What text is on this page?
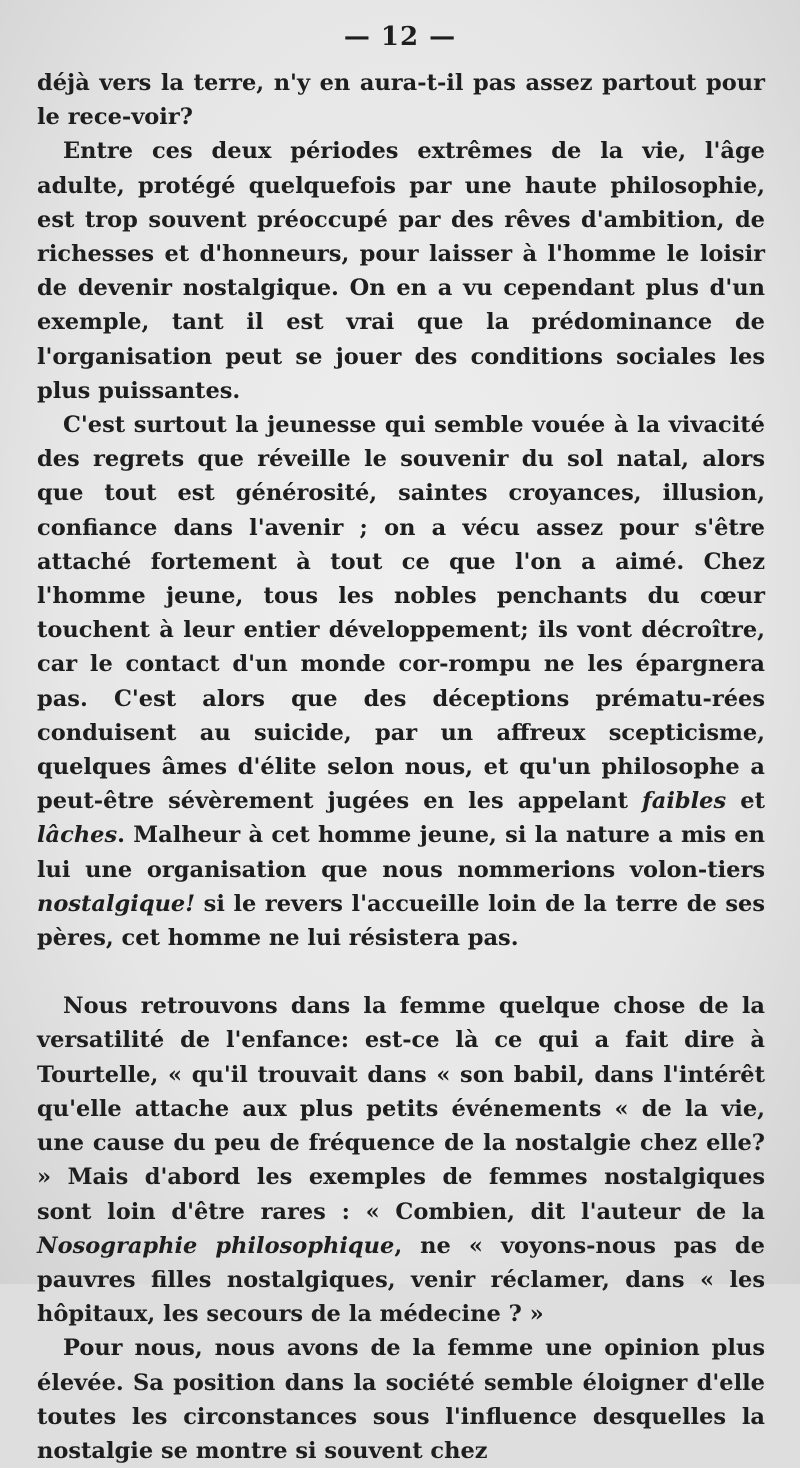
— 12 —

déjà vers la terre, n'y en aura-t-il pas assez partout pour le rece-voir?

Entre ces deux périodes extrêmes de la vie, l'âge adulte, protégé quelquefois par une haute philosophie, est trop souvent préoccupé par des rêves d'ambition, de richesses et d'honneurs, pour laisser à l'homme le loisir de devenir nostalgique. On en a vu cependant plus d'un exemple, tant il est vrai que la prédominance de l'organisation peut se jouer des conditions sociales les plus puissantes.

C'est surtout la jeunesse qui semble vouée à la vivacité des regrets que réveille le souvenir du sol natal, alors que tout est générosité, saintes croyances, illusion, confiance dans l'avenir ; on a vécu assez pour s'être attaché fortement à tout ce que l'on a aimé. Chez l'homme jeune, tous les nobles penchants du cœur touchent à leur entier développement; ils vont décroître, car le contact d'un monde cor-rompu ne les épargnera pas. C'est alors que des déceptions prématu-rées conduisent au suicide, par un affreux scepticisme, quelques âmes d'élite selon nous, et qu'un philosophe a peut-être sévèrement jugées en les appelant faibles et lâches. Malheur à cet homme jeune, si la nature a mis en lui une organisation que nous nommerions volon-tiers nostalgique! si le revers l'accueille loin de la terre de ses pères, cet homme ne lui résistera pas.

Nous retrouvons dans la femme quelque chose de la versatilité de l'enfance: est-ce là ce qui a fait dire à Tourtelle, « qu'il trouvait dans « son babil, dans l'intérêt qu'elle attache aux plus petits événements « de la vie, une cause du peu de fréquence de la nostalgie chez elle? » Mais d'abord les exemples de femmes nostalgiques sont loin d'être rares : « Combien, dit l'auteur de la Nosographie philosophique, ne « voyons-nous pas de pauvres filles nostalgiques, venir réclamer, dans « les hôpitaux, les secours de la médecine ? »

Pour nous, nous avons de la femme une opinion plus élevée. Sa position dans la société semble éloigner d'elle toutes les circonstances sous l'influence desquelles la nostalgie se montre si souvent chez
